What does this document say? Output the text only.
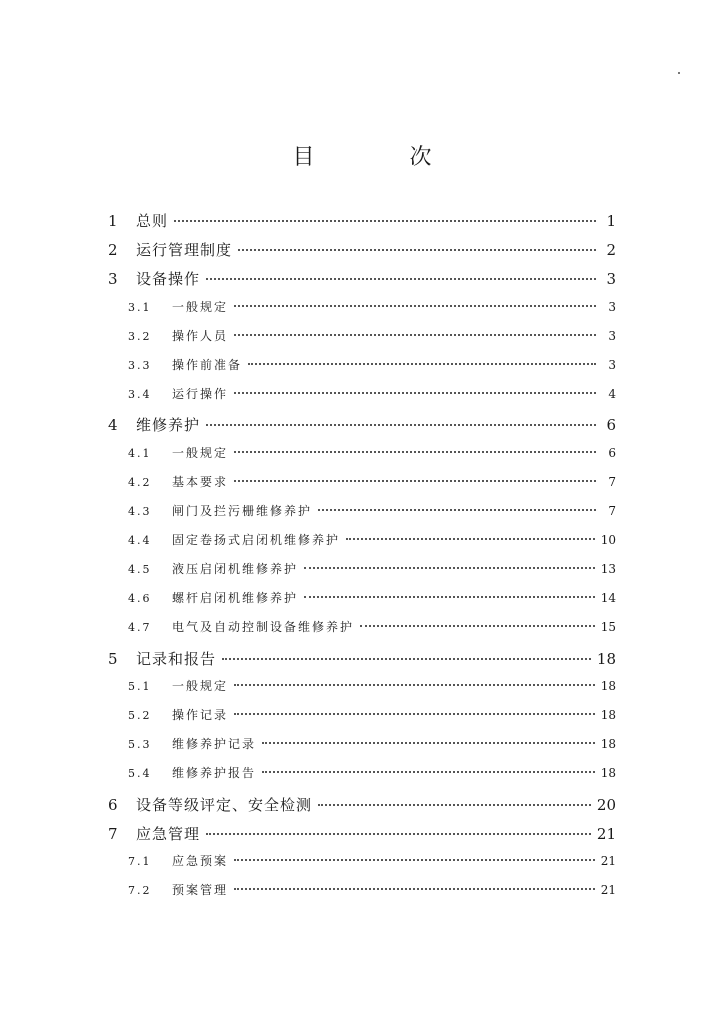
目 次
1	总则	1
2	运行管理制度	2
3	设备操作	3
3.1	一般规定	3
3.2	操作人员	3
3.3	操作前准备	3
3.4	运行操作	4
4	维修养护	6
4.1	一般规定	6
4.2	基本要求	7
4.3	闸门及拦污栅维修养护	7
4.4	固定卷扬式启闭机维修养护	10
4.5	液压启闭机维修养护	13
4.6	螺杆启闭机维修养护	14
4.7	电气及自动控制设备维修养护	15
5	记录和报告	18
5.1	一般规定	18
5.2	操作记录	18
5.3	维修养护记录	18
5.4	维修养护报告	18
6	设备等级评定、安全检测	20
7	应急管理	21
7.1	应急预案	21
7.2	预案管理	21
